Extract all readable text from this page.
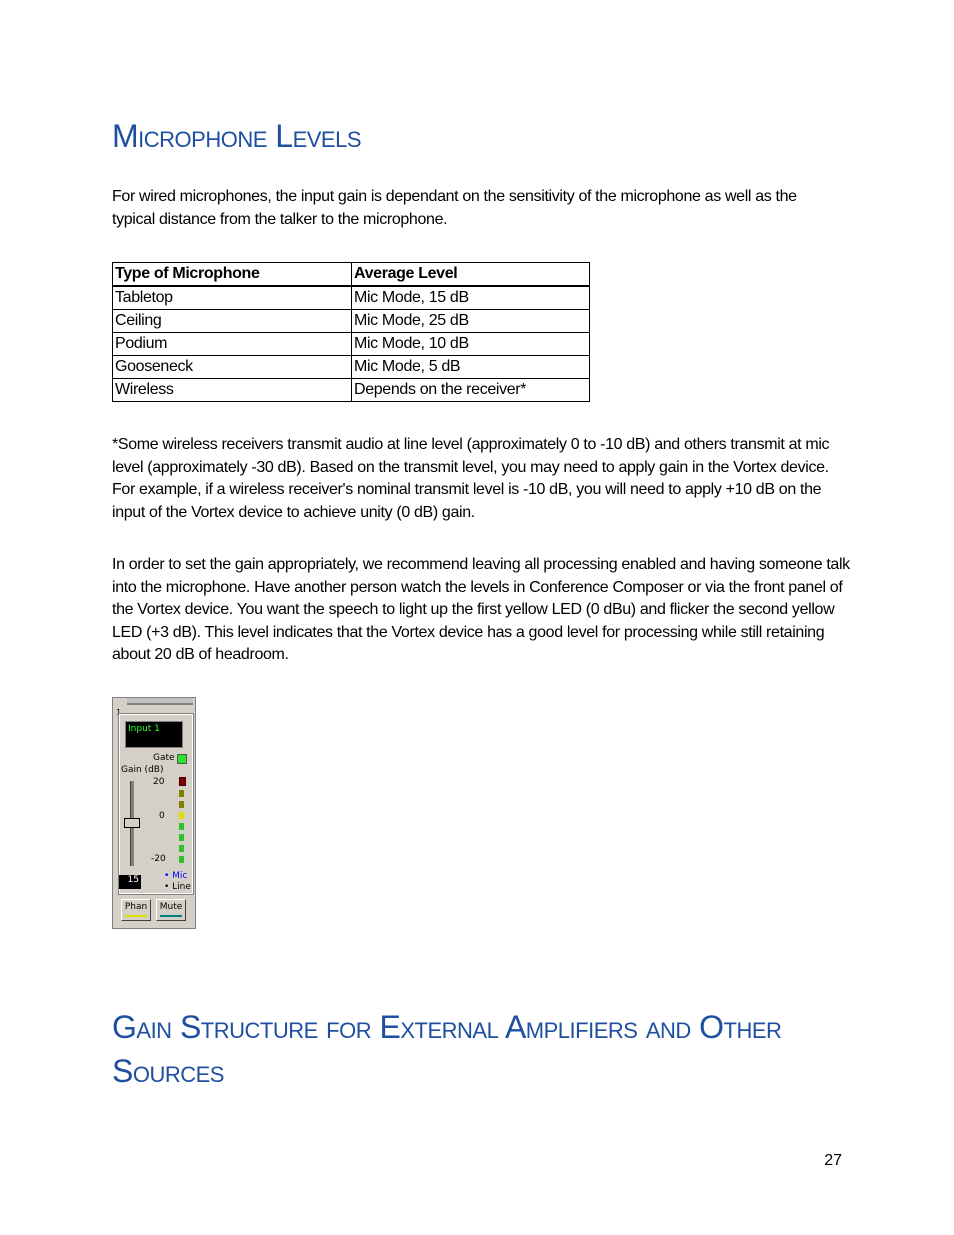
Microphone Levels

For wired microphones, the input gain is dependant on the sensitivity of the microphone as well as the typical distance from the talker to the microphone.

Type of Microphone	Average Level
Tabletop	Mic Mode, 15 dB
Ceiling	Mic Mode, 25 dB
Podium	Mic Mode, 10 dB
Gooseneck	Mic Mode, 5 dB
Wireless	Depends on the receiver*

*Some wireless receivers transmit audio at line level (approximately 0 to -10 dB) and others transmit at mic level (approximately -30 dB). Based on the transmit level, you may need to apply gain in the Vortex device. For example, if a wireless receiver's nominal transmit level is -10 dB, you will need to apply +10 dB on the input of the Vortex device to achieve unity (0 dB) gain.

In order to set the gain appropriately, we recommend leaving all processing enabled and having someone talk into the microphone. Have another person watch the levels in Conference Composer or via the front panel of the Vortex device. You want the speech to light up the first yellow LED (0 dBu) and flicker the second yellow LED (+3 dB). This level indicates that the Vortex device has a good level for processing while still retaining about 20 dB of headroom.

1
Input 1
Gate
Gain (dB)
20
0
-20
15	• Mic
• Line
Phan	Mute
Gain Structure for External Amplifiers and Other Sources
27
